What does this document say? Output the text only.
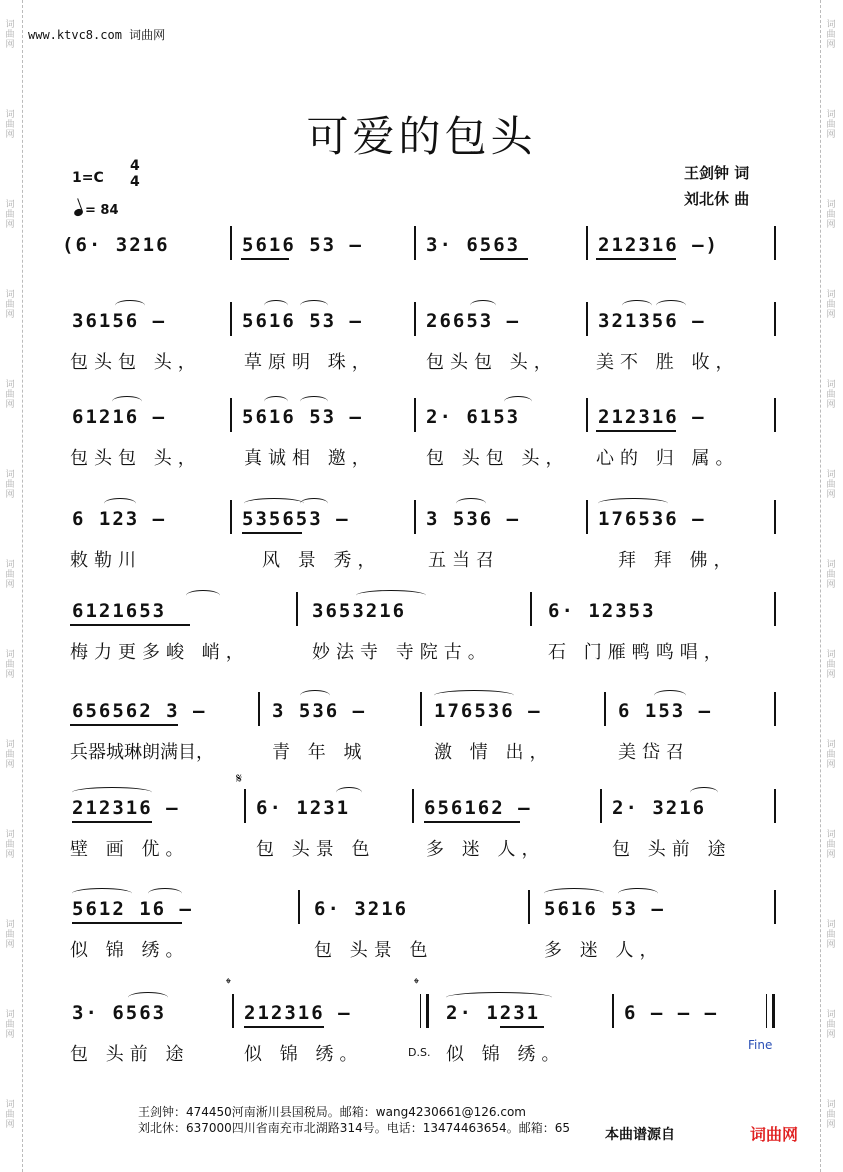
词曲网
词曲网
词曲网
词曲网
词曲网
词曲网
词曲网
词曲网
词曲网
词曲网
词曲网
词曲网
词曲网
词曲网
词曲网
词曲网
词曲网
词曲网
词曲网
词曲网
词曲网
词曲网
词曲网
词曲网
词曲网
词曲网
www.ktvc8.com 词曲网
可爱的包头
1=C
4
4
= 84
王剑钟 词
刘北休 曲
(6· 3216	5616 53 –	3· 6563	212316 –)
36156 –	5616 53 –	26653 –	321356 –
包头包 头， 草原明 珠，	包头包 头， 美不 胜 收，
61216 –	5616 53 –	2· 6153	212316 –
包头包 头， 真诚相 邀，	包 头包 头， 心的 归 属。
6 123 –	535653 –	3 536 –	176536 –
敕勒川	风 景 秀，	五当召	拜 拜 佛，
6121653	3653216	6· 12353
梅力更多峻 峭，	妙法寺 寺院古。	石 门雁鸭鸣唱，
656562 3 –	3 536 –	176536 –	6 153 –
兵器城琳朗满目，	青 年 城	激 情 出，	美岱召
𝄋
212316 –	6· 1231	656162 –	2· 3216
壁 画 优。	包 头景 色	多 迷 人，	包 头前 途
5612 16 –	6· 3216	5616 53 –
似 锦 绣。	包 头景 色	多 迷 人，
𝄌	𝄌
3· 6563	212316 –	2· 1231	6 – – –
包 头前 途	似 锦 绣。	D.S. 似 锦 绣。	Fine
王剑钟：474450河南淅川县国税局。邮箱：wang4230661@126.com
刘北休：637000四川省南充市北湖路314号。电话：13474463654。邮箱：65	本曲谱源自	词曲网
